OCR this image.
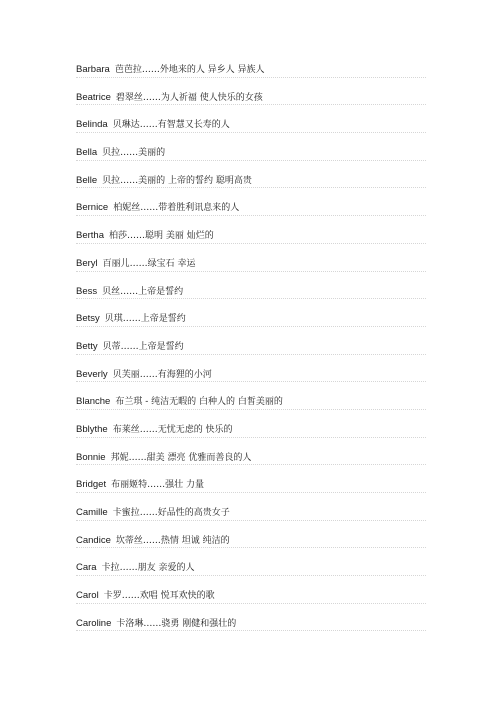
Barbara 芭芭拉……外地来的人 异乡人 异族人
Beatrice 碧翠丝……为人祈福 使人快乐的女孩
Belinda 贝琳达……有智慧又长寿的人
Bella 贝拉……美丽的
Belle 贝拉……美丽的 上帝的誓约 聪明高贵
Bernice 柏妮丝……带着胜利讯息来的人
Bertha 柏莎……聪明 美丽 灿烂的
Beryl 百丽儿……绿宝石 幸运
Bess 贝丝……上帝是誓约
Betsy 贝琪……上帝是誓约
Betty 贝蒂……上帝是誓约
Beverly 贝芙丽……有海狸的小河
Blanche 布兰琪 - 纯洁无暇的 白种人的 白皙美丽的
Bblythe 布莱丝……无忧无虑的 快乐的
Bonnie 邦妮……甜美 漂亮 优雅而善良的人
Bridget 布丽姬特……强壮 力量
Camille 卡蜜拉……好品性的高贵女子
Candice 坎蒂丝……热情 坦诚 纯洁的
Cara 卡拉……朋友 亲爱的人
Carol 卡罗……欢唱 悦耳欢快的歌
Caroline 卡洛琳……骁勇 刚健和强壮的
